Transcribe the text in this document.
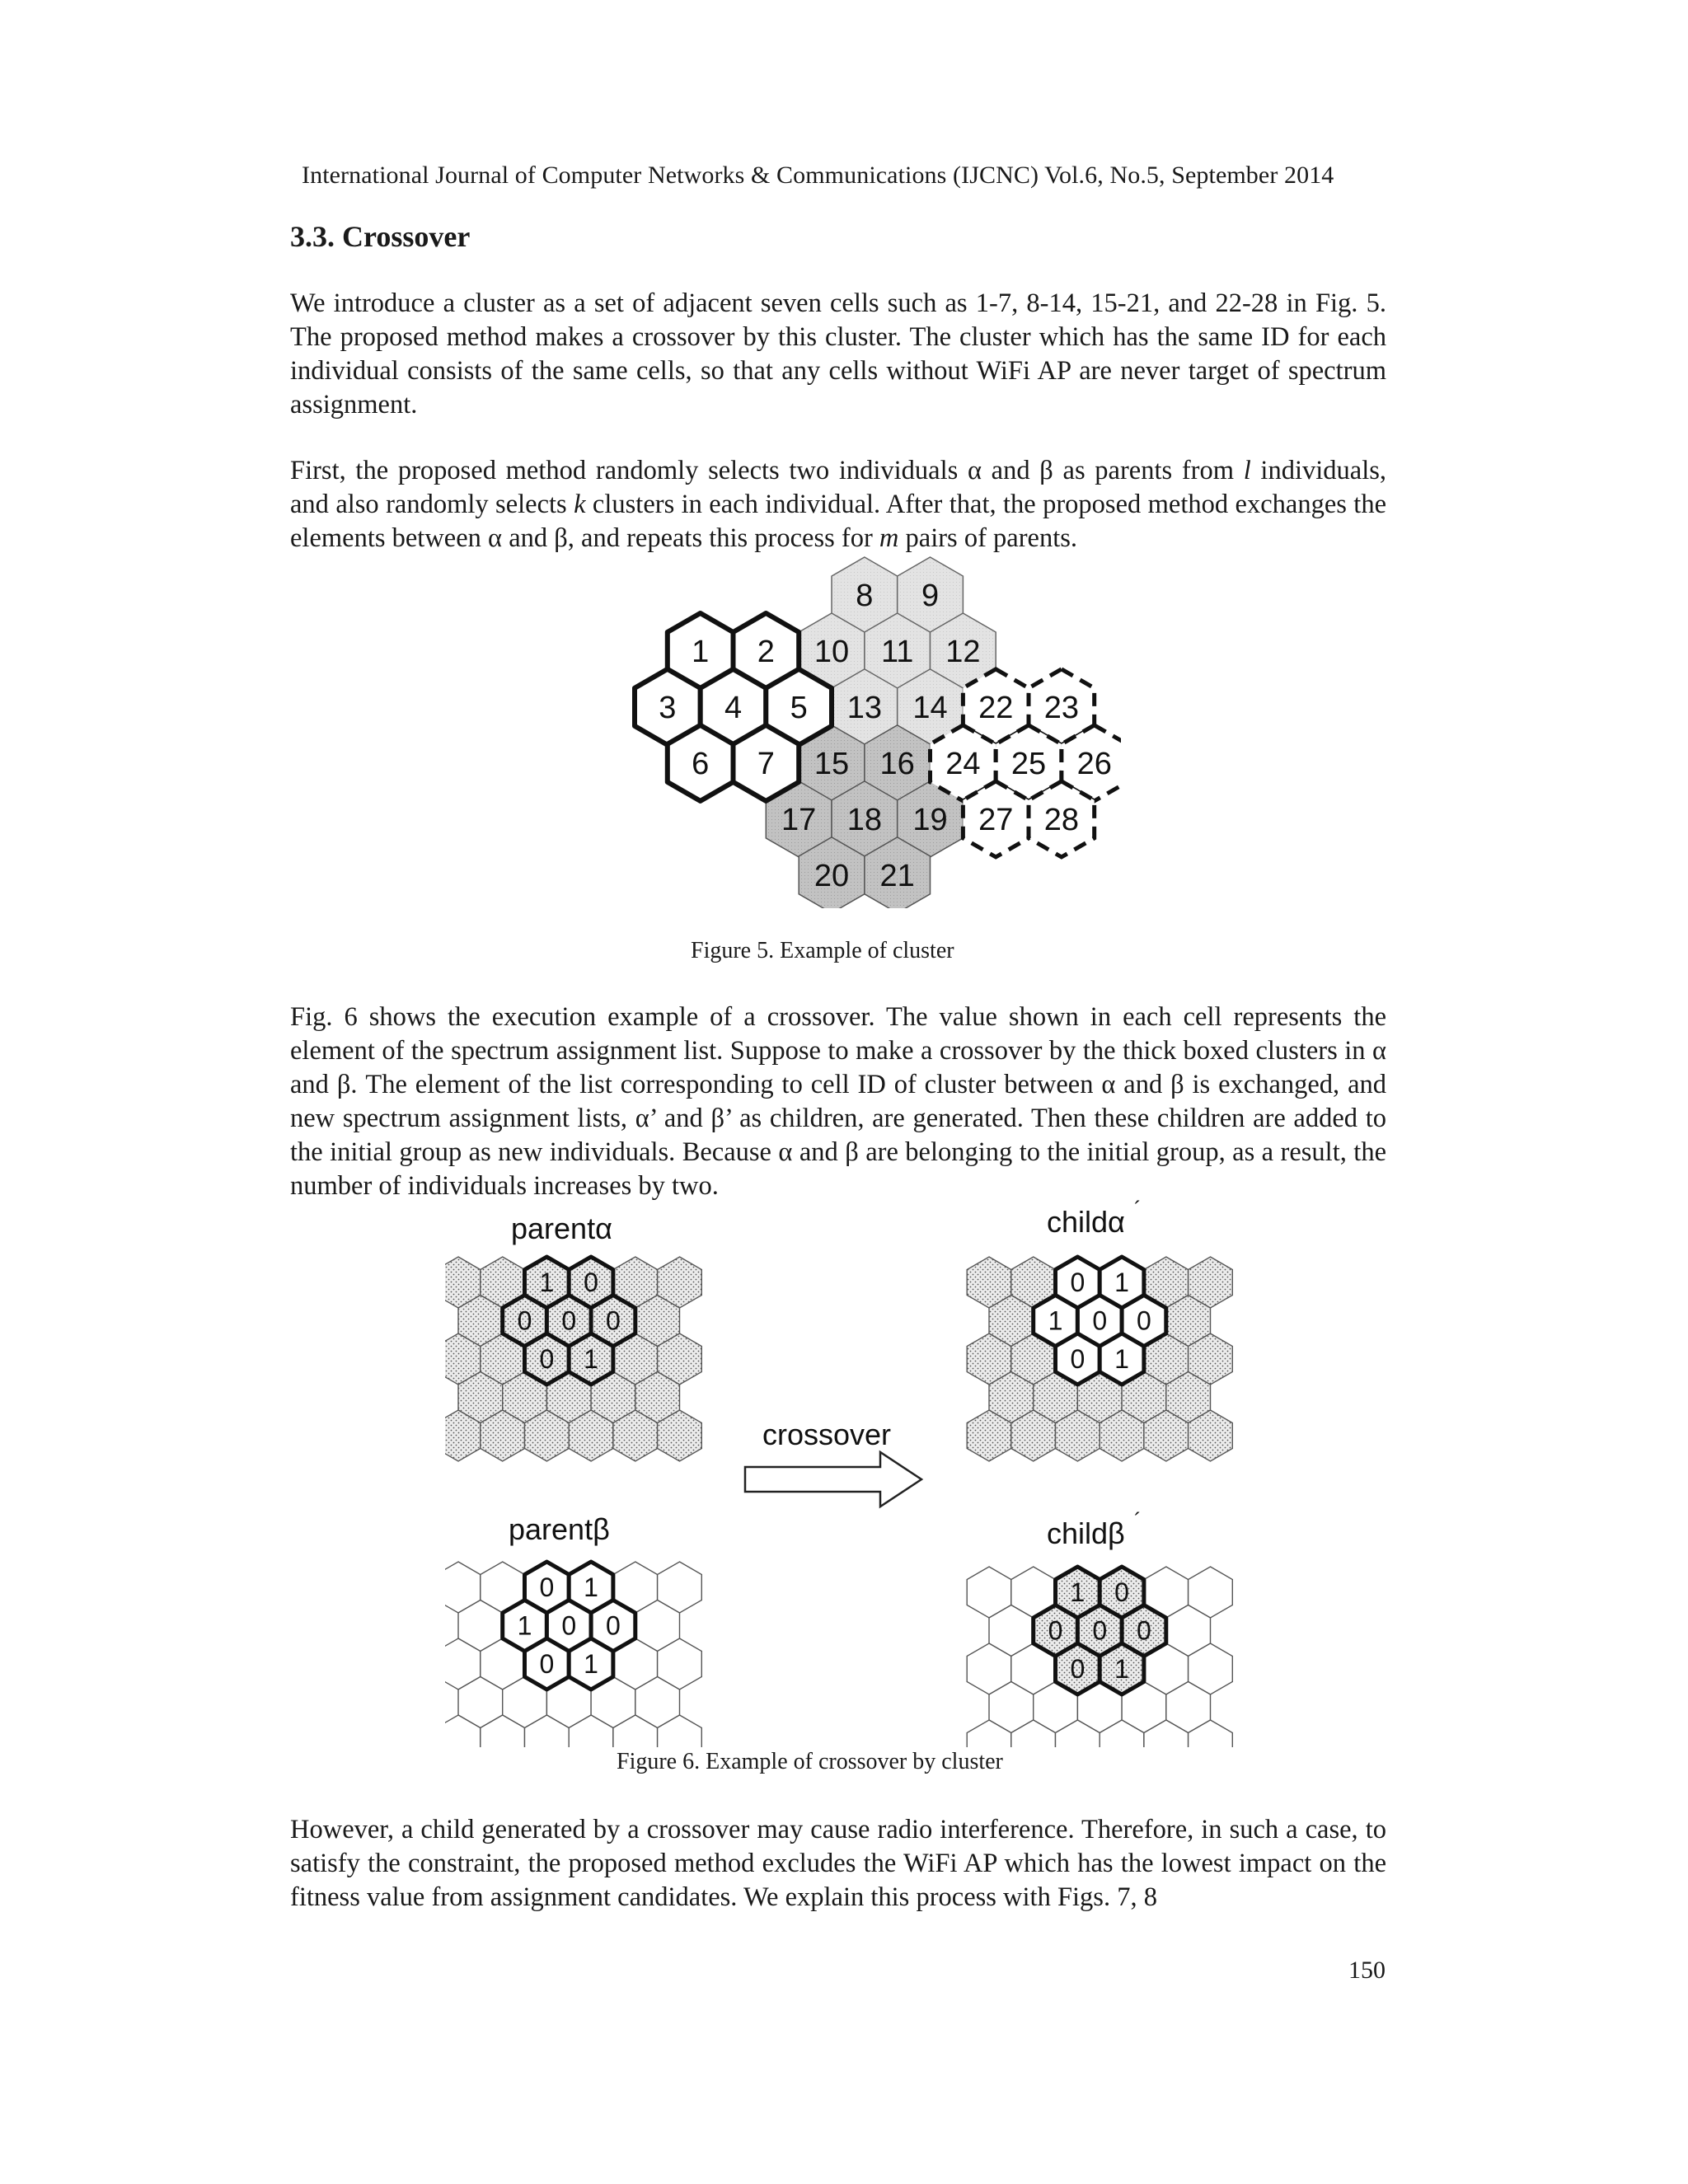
International Journal of Computer Networks & Communications (IJCNC) Vol.6, No.5, September 2014
3.3. Crossover

We introduce a cluster as a set of adjacent seven cells such as 1-7, 8-14, 15-21, and 22-28 in Fig. 5. The proposed method makes a crossover by this cluster. The cluster which has the same ID for each individual consists of the same cells, so that any cells without WiFi AP are never target of spectrum assignment.

First, the proposed method randomly selects two individuals α and β as parents from l individuals, and also randomly selects k clusters in each individual. After that, the proposed method exchanges the elements between α and β, and repeats this process for m pairs of parents.

8 9
10 11 12
13 14
15 16
17 18 19
20 21
22 23
24 25 26
27 28
1 2
3 4 5
6 7
Figure 5. Example of cluster

Fig. 6 shows the execution example of a crossover. The value shown in each cell represents the element of the spectrum assignment list. Suppose to make a crossover by the thick boxed clusters in α and β. The element of the list corresponding to cell ID of cluster between α and β is exchanged, and new spectrum assignment lists, α’ and β’ as children, are generated. Then these children are added to the initial group as new individuals. Because α and β are belonging to the initial group, as a result, the number of individuals increases by two.

parentα	childα ´
crossover
parentβ	childβ ´
1 0
0 0 0
0 1
0 1
1 0 0
0 1
0 1
1 0 0
0 1
1 0
0 0 0
0 1
Figure 6. Example of crossover by cluster

However, a child generated by a crossover may cause radio interference. Therefore, in such a case, to satisfy the constraint, the proposed method excludes the WiFi AP which has the lowest impact on the fitness value from assignment candidates. We explain this process with Figs. 7, 8

150
